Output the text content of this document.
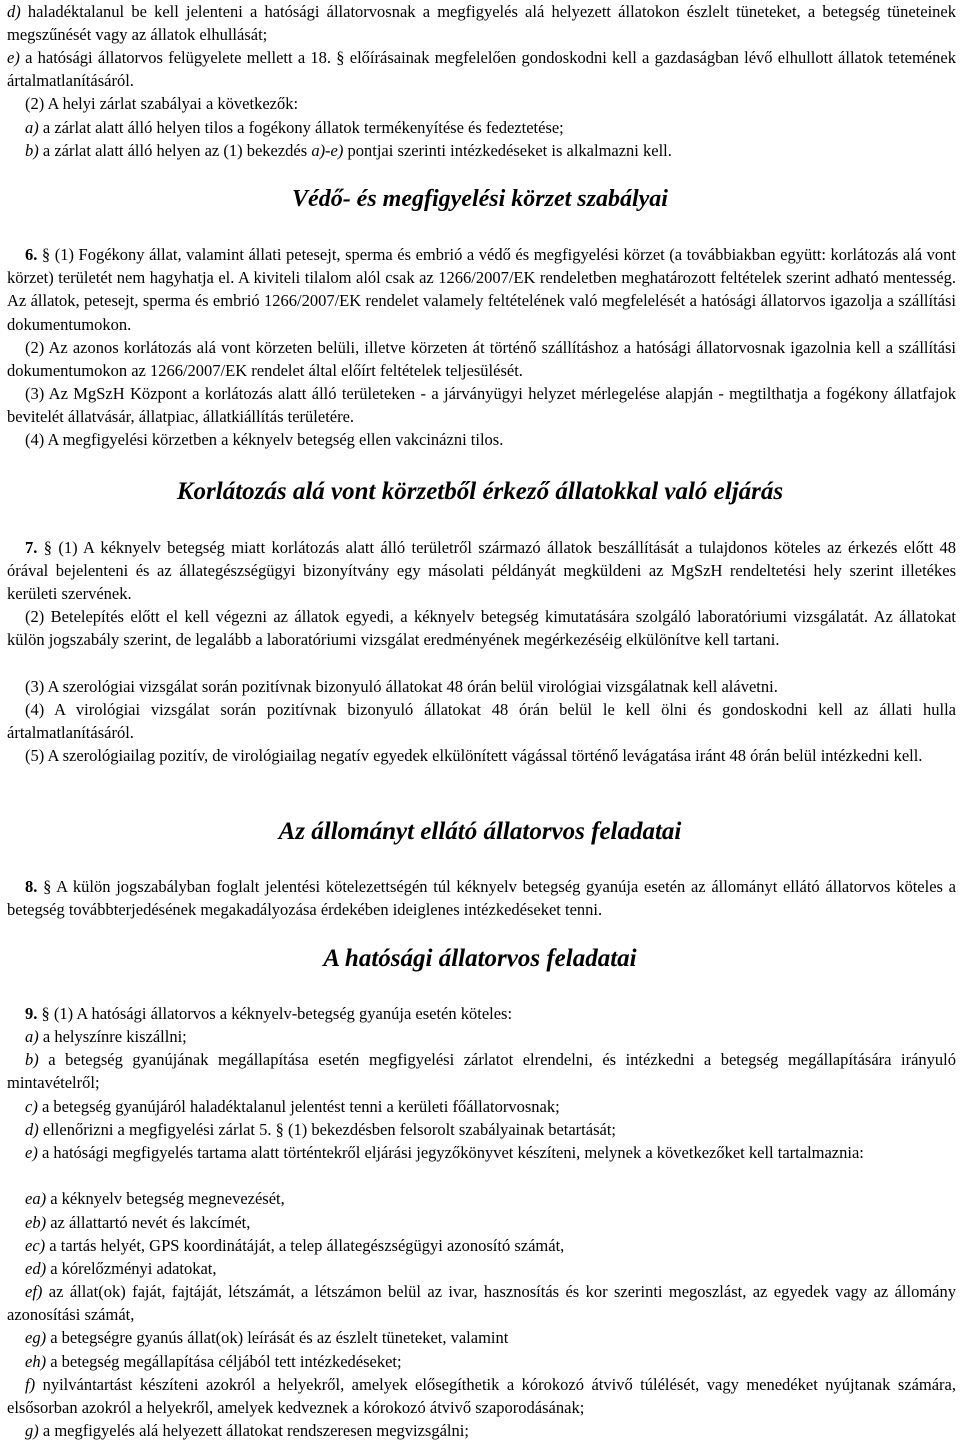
d) haladéktalanul be kell jelenteni a hatósági állatorvosnak a megfigyelés alá helyezett állatokon észlelt tüneteket, a betegség tüneteinek megszűnését vagy az állatok elhullását;

e) a hatósági állatorvos felügyelete mellett a 18. § előírásainak megfelelően gondoskodni kell a gazdaságban lévő elhullott állatok tetemének ártalmatlanításáról.

(2) A helyi zárlat szabályai a következők:

a) a zárlat alatt álló helyen tilos a fogékony állatok termékenyítése és fedeztetése;

b) a zárlat alatt álló helyen az (1) bekezdés a)-e) pontjai szerinti intézkedéseket is alkalmazni kell.

Védő- és megfigyelési körzet szabályai

6. § (1) Fogékony állat, valamint állati petesejt, sperma és embrió a védő és megfigyelési körzet (a továbbiakban együtt: korlátozás alá vont körzet) területét nem hagyhatja el. A kiviteli tilalom alól csak az 1266/2007/EK rendeletben meghatározott feltételek szerint adható mentesség. Az állatok, petesejt, sperma és embrió 1266/2007/EK rendelet valamely feltételének való megfelelését a hatósági állatorvos igazolja a szállítási dokumentumokon.

(2) Az azonos korlátozás alá vont körzeten belüli, illetve körzeten át történő szállításhoz a hatósági állatorvosnak igazolnia kell a szállítási dokumentumokon az 1266/2007/EK rendelet által előírt feltételek teljesülését.

(3) Az MgSzH Központ a korlátozás alatt álló területeken - a járványügyi helyzet mérlegelése alapján - megtilthatja a fogékony állatfajok bevitelét állatvásár, állatpiac, állatkiállítás területére.

(4) A megfigyelési körzetben a kéknyelv betegség ellen vakcinázni tilos.

Korlátozás alá vont körzetből érkező állatokkal való eljárás

7. § (1) A kéknyelv betegség miatt korlátozás alatt álló területről származó állatok beszállítását a tulajdonos köteles az érkezés előtt 48 órával bejelenteni és az állategészségügyi bizonyítvány egy másolati példányát megküldeni az MgSzH rendeltetési hely szerint illetékes kerületi szervének.

(2) Betelepítés előtt el kell végezni az állatok egyedi, a kéknyelv betegség kimutatására szolgáló laboratóriumi vizsgálatát. Az állatokat külön jogszabály szerint, de legalább a laboratóriumi vizsgálat eredményének megérkezéséig elkülönítve kell tartani.

(3) A szerológiai vizsgálat során pozitívnak bizonyuló állatokat 48 órán belül virológiai vizsgálatnak kell alávetni.

(4) A virológiai vizsgálat során pozitívnak bizonyuló állatokat 48 órán belül le kell ölni és gondoskodni kell az állati hulla ártalmatlanításáról.

(5) A szerológiailag pozitív, de virológiailag negatív egyedek elkülönített vágással történő levágatása iránt 48 órán belül intézkedni kell.

Az állományt ellátó állatorvos feladatai

8. § A külön jogszabályban foglalt jelentési kötelezettségén túl kéknyelv betegség gyanúja esetén az állományt ellátó állatorvos köteles a betegség továbbterjedésének megakadályozása érdekében ideiglenes intézkedéseket tenni.

A hatósági állatorvos feladatai

9. § (1) A hatósági állatorvos a kéknyelv-betegség gyanúja esetén köteles:

a) a helyszínre kiszállni;

b) a betegség gyanújának megállapítása esetén megfigyelési zárlatot elrendelni, és intézkedni a betegség megállapítására irányuló mintavételről;

c) a betegség gyanújáról haladéktalanul jelentést tenni a kerületi főállatorvosnak;

d) ellenőrizni a megfigyelési zárlat 5. § (1) bekezdésben felsorolt szabályainak betartását;

e) a hatósági megfigyelés tartama alatt történtekről eljárási jegyzőkönyvet készíteni, melynek a következőket kell tartalmaznia:

ea) a kéknyelv betegség megnevezését,

eb) az állattartó nevét és lakcímét,

ec) a tartás helyét, GPS koordinátáját, a telep állategészségügyi azonosító számát,

ed) a kórelőzményi adatokat,

ef) az állat(ok) faját, fajtáját, létszámát, a létszámon belül az ivar, hasznosítás és kor szerinti megoszlást, az egyedek vagy az állomány azonosítási számát,

eg) a betegségre gyanús állat(ok) leírását és az észlelt tüneteket, valamint

eh) a betegség megállapítása céljából tett intézkedéseket;

f) nyilvántartást készíteni azokról a helyekről, amelyek elősegíthetik a kórokozó átvivő túlélését, vagy menedéket nyújtanak számára, elsősorban azokról a helyekről, amelyek kedveznek a kórokozó átvivő szaporodásának;

g) a megfigyelés alá helyezett állatokat rendszeresen megvizsgálni;
